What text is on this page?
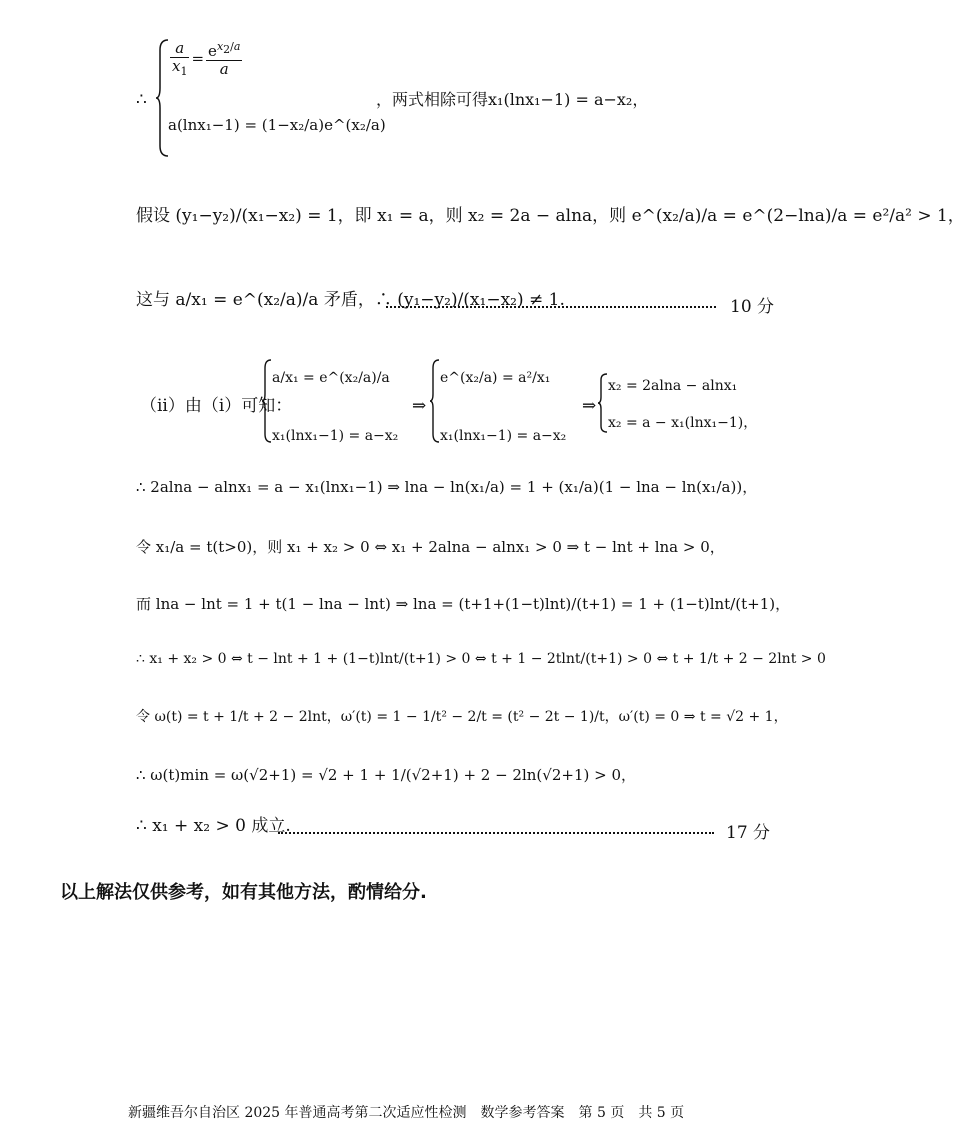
∴
$\frac{a}{x_1} = \frac{e^{x_2/a}}{a}$
a(lnx₁−1) = (1−x₂/a)e^(x₂/a)
，两式相除可得x₁(lnx₁−1) = a−x₂，
假设 (y₁−y₂)/(x₁−x₂) = 1，即 x₁ = a，则 x₂ = 2a − alna，则 e^(x₂/a)/a = e^(2−lna)/a = e²/a² > 1，
这与 a/x₁ = e^(x₂/a)/a 矛盾，∴ (y₁−y₂)/(x₁−x₂) ≠ 1.	10 分
（ii）由（i）可知：
a/x₁ = e^(x₂/a)/a
x₁(lnx₁−1) = a−x₂
⇒
e^(x₂/a) = a²/x₁
x₁(lnx₁−1) = a−x₂
⇒
x₂ = 2alna − alnx₁
x₂ = a − x₁(lnx₁−1)，
∴ 2alna − alnx₁ = a − x₁(lnx₁−1) ⇒ lna − ln(x₁/a) = 1 + (x₁/a)(1 − lna − ln(x₁/a))，
令 x₁/a = t(t>0)，则 x₁ + x₂ > 0 ⇔ x₁ + 2alna − alnx₁ > 0 ⇒ t − lnt + lna > 0，
而 lna − lnt = 1 + t(1 − lna − lnt) ⇒ lna = (t+1+(1−t)lnt)/(t+1) = 1 + (1−t)lnt/(t+1)，
∴ x₁ + x₂ > 0 ⇔ t − lnt + 1 + (1−t)lnt/(t+1) > 0 ⇔ t + 1 − 2tlnt/(t+1) > 0 ⇔ t + 1/t + 2 − 2lnt > 0
令 ω(t) = t + 1/t + 2 − 2lnt，ω′(t) = 1 − 1/t² − 2/t = (t² − 2t − 1)/t，ω′(t) = 0 ⇒ t = √2 + 1，
∴ ω(t)min = ω(√2+1) = √2 + 1 + 1/(√2+1) + 2 − 2ln(√2+1) > 0，
∴ x₁ + x₂ > 0 成立.	17 分
以上解法仅供参考，如有其他方法，酌情给分.
新疆维吾尔自治区 2025 年普通高考第二次适应性检测　数学参考答案　第 5 页　共 5 页
